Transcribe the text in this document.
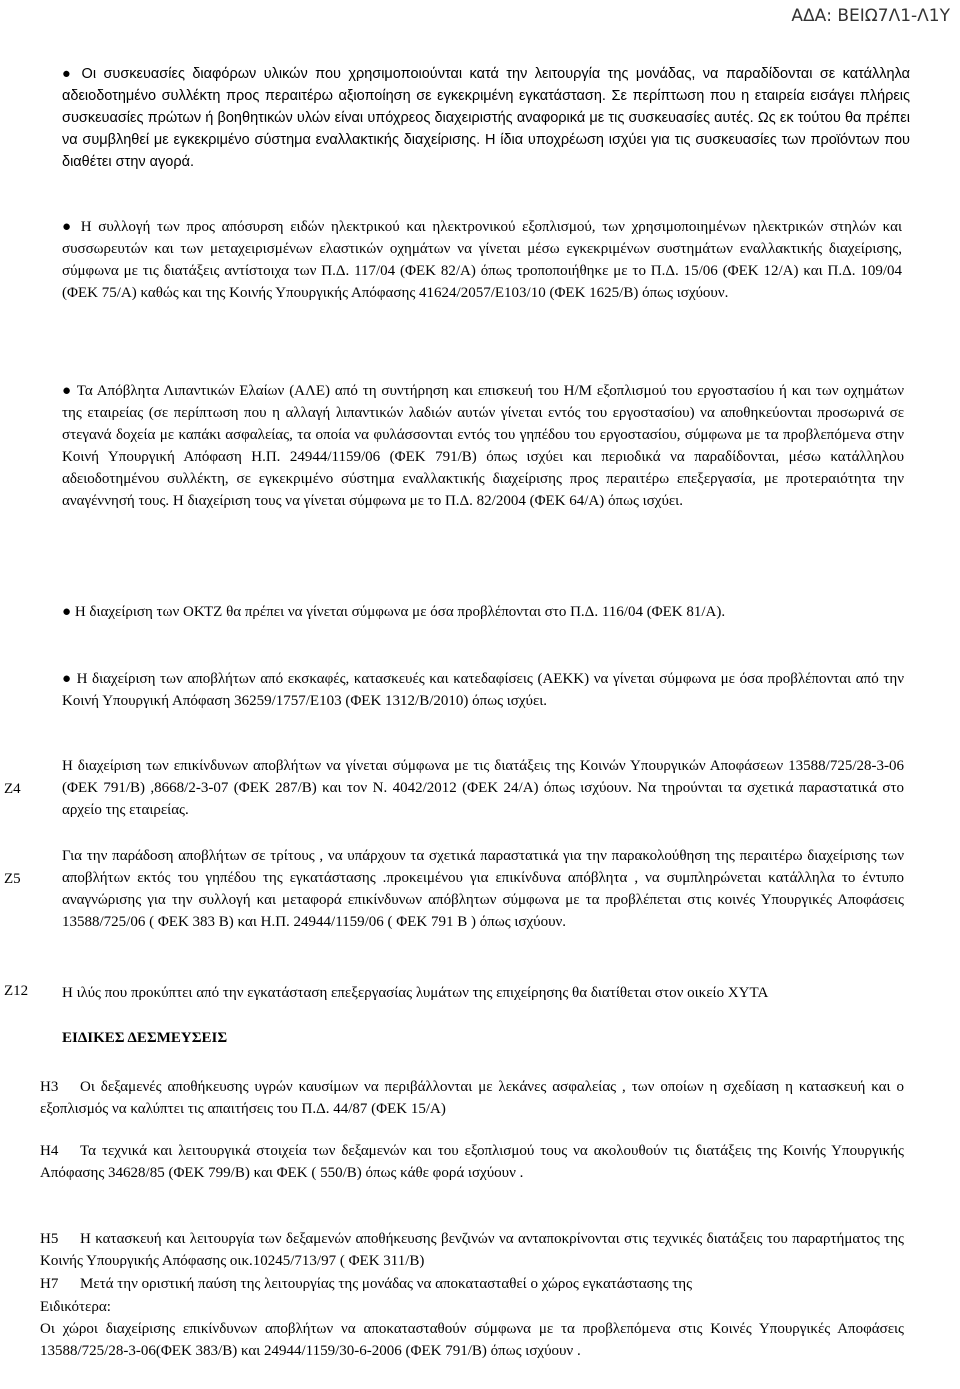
ΑΔΑ: ΒΕΙΩ7Λ1-Λ1Υ

● Οι συσκευασίες διαφόρων υλικών που χρησιμοποιούνται κατά την λειτουργία της μονάδας, να παραδίδονται σε κατάλληλα αδειοδοτημένο συλλέκτη προς περαιτέρω αξιοποίηση σε εγκεκριμένη εγκατάσταση. Σε περίπτωση που η εταιρεία εισάγει πλήρεις συσκευασίες πρώτων ή βοηθητικών υλών είναι υπόχρεος διαχειριστής αναφορικά με τις συσκευασίες αυτές. Ως εκ τούτου θα πρέπει να συμβληθεί με εγκεκριμένο σύστημα εναλλακτικής διαχείρισης. Η ίδια υποχρέωση ισχύει για τις συσκευασίες των προϊόντων που διαθέτει στην αγορά.

● Η συλλογή των προς απόσυρση ειδών ηλεκτρικού και ηλεκτρονικού εξοπλισμού, των χρησιμοποιημένων ηλεκτρικών στηλών και συσσωρευτών και των μεταχειρισμένων ελαστικών οχημάτων να γίνεται μέσω εγκεκριμένων συστημάτων εναλλακτικής διαχείρισης, σύμφωνα με τις διατάξεις αντίστοιχα των Π.Δ. 117/04 (ΦΕΚ 82/Α) όπως τροποποιήθηκε με το Π.Δ. 15/06 (ΦΕΚ 12/Α) και Π.Δ. 109/04 (ΦΕΚ 75/Α) καθώς και της Κοινής Υπουργικής Απόφασης 41624/2057/Ε103/10 (ΦΕΚ 1625/Β) όπως ισχύουν.

● Τα Απόβλητα Λιπαντικών Ελαίων (ΑΛΕ) από τη συντήρηση και επισκευή του Η/Μ εξοπλισμού του εργοστασίου ή και των οχημάτων της εταιρείας (σε περίπτωση που η αλλαγή λιπαντικών λαδιών αυτών γίνεται εντός του εργοστασίου) να αποθηκεύονται προσωρινά σε στεγανά δοχεία με καπάκι ασφαλείας, τα οποία να φυλάσσονται εντός του γηπέδου του εργοστασίου, σύμφωνα με τα προβλεπόμενα στην Κοινή Υπουργική Απόφαση Η.Π. 24944/1159/06 (ΦΕΚ 791/Β) όπως ισχύει και περιοδικά να παραδίδονται, μέσω κατάλληλου αδειοδοτημένου συλλέκτη, σε εγκεκριμένο σύστημα εναλλακτικής διαχείρισης προς περαιτέρω επεξεργασία, με προτεραιότητα την αναγέννησή τους. Η διαχείριση τους να γίνεται σύμφωνα με το Π.Δ. 82/2004 (ΦΕΚ 64/Α) όπως ισχύει.

● Η διαχείριση των ΟΚΤΖ θα πρέπει να γίνεται σύμφωνα με όσα προβλέπονται στο Π.Δ. 116/04 (ΦΕΚ 81/Α).

● Η διαχείριση των αποβλήτων από εκσκαφές, κατασκευές και κατεδαφίσεις (ΑΕΚΚ) να γίνεται σύμφωνα με όσα προβλέπονται από την Κοινή Υπουργική Απόφαση 36259/1757/Ε103 (ΦΕΚ 1312/Β/2010) όπως ισχύει.

Ζ4
Ζ5
Ζ12

Η διαχείριση των επικίνδυνων αποβλήτων να γίνεται σύμφωνα με τις διατάξεις της Κοινών Υπουργικών Αποφάσεων 13588/725/28-3-06 (ΦΕΚ 791/Β) ,8668/2-3-07 (ΦΕΚ 287/Β) και τον Ν. 4042/2012 (ΦΕΚ 24/Α) όπως ισχύουν. Να τηρούνται τα σχετικά παραστατικά στο αρχείο της εταιρείας.

Για την παράδοση αποβλήτων σε τρίτους , να υπάρχουν τα σχετικά παραστατικά για την παρακολούθηση της περαιτέρω διαχείρισης των αποβλήτων εκτός του γηπέδου της εγκατάστασης .προκειμένου για επικίνδυνα απόβλητα , να συμπληρώνεται κατάλληλα το έντυπο αναγνώρισης για την συλλογή και μεταφορά επικίνδυνων απόβλητων σύμφωνα με τα προβλέπεται στις κοινές Υπουργικές Αποφάσεις 13588/725/06 ( ΦΕΚ 383 Β) και Η.Π. 24944/1159/06 ( ΦΕΚ 791 Β ) όπως ισχύουν.

Η ιλύς που προκύπτει από την εγκατάσταση επεξεργασίας λυμάτων της επιχείρησης θα διατίθεται στον οικείο ΧΥΤΑ

ΕΙΔΙΚΕΣ ΔΕΣΜΕΥΣΕΙΣ

Η3 Οι δεξαμενές αποθήκευσης υγρών καυσίμων να περιβάλλονται με λεκάνες ασφαλείας , των οποίων η σχεδίαση η κατασκευή και ο εξοπλισμός να καλύπτει τις απαιτήσεις του Π.Δ. 44/87 (ΦΕΚ 15/Α)

Η4 Τα τεχνικά και λειτουργικά στοιχεία των δεξαμενών και του εξοπλισμού τους να ακολουθούν τις διατάξεις της Κοινής Υπουργικής Απόφασης 34628/85 (ΦΕΚ 799/Β) και ΦΕΚ ( 550/Β) όπως κάθε φορά ισχύουν .

Η5 Η κατασκευή και λειτουργία των δεξαμενών αποθήκευσης βενζινών να ανταποκρίνονται στις τεχνικές διατάξεις του παραρτήματος της Κοινής Υπουργικής Απόφασης οικ.10245/713/97 ( ΦΕΚ 311/Β)

Η7 Μετά την οριστική παύση της λειτουργίας της μονάδας να αποκατασταθεί ο χώρος εγκατάστασης της

Ειδικότερα:

Οι χώροι διαχείρισης επικίνδυνων αποβλήτων να αποκατασταθούν σύμφωνα με τα προβλεπόμενα στις Κοινές Υπουργικές Αποφάσεις 13588/725/28-3-06(ΦΕΚ 383/Β) και 24944/1159/30-6-2006 (ΦΕΚ 791/Β) όπως ισχύουν .
